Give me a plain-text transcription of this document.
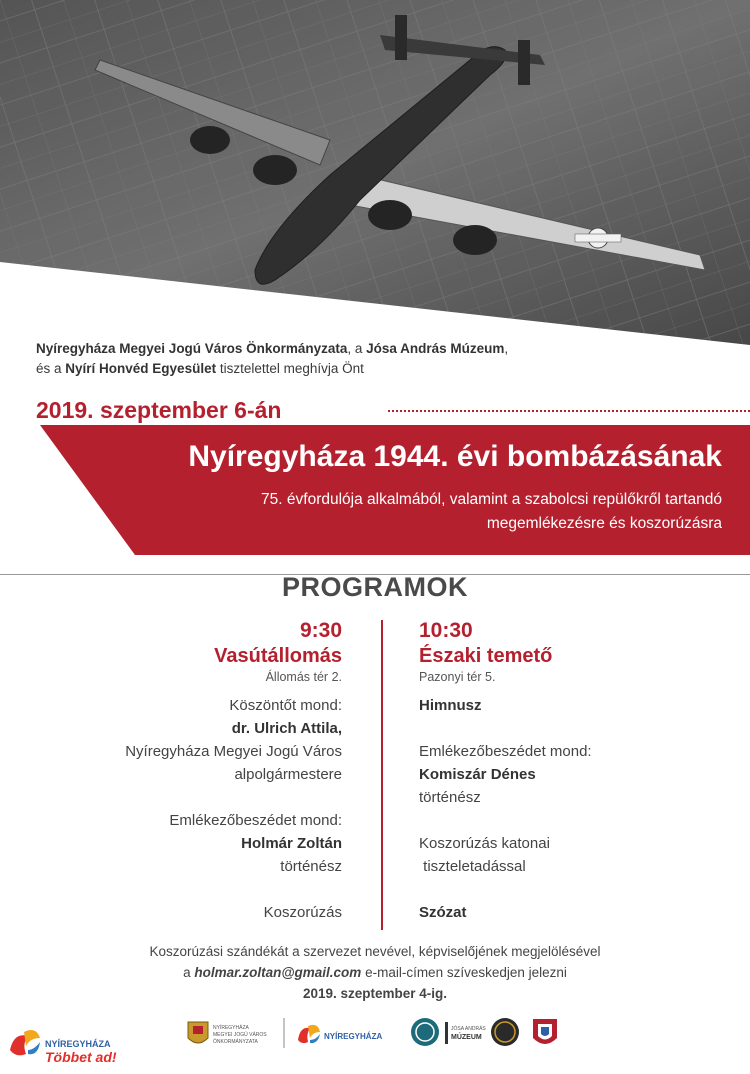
Nyíregyháza Megyei Jogú Város Önkormányzata, a Jósa András Múzeum,
és a Nyírí Honvéd Egyesület tisztelettel meghívja Önt
2019. szeptember 6-án
Nyíregyháza 1944. évi bombázásának
75. évfordulója alkalmából, valamint a szabolcsi repülőkről tartandó
megemlékezésre és koszorúzásra
PROGRAMOK
9:30
Vasútállomás
Állomás tér 2.
Köszöntőt mond:
dr. Ulrich Attila,
Nyíregyháza Megyei Jogú Város
alpolgármestere
Emlékezőbeszédet mond:
Holmár Zoltán
történész
Koszorúzás
10:30
Északi temető
Pazonyi tér 5.
Himnusz
Emlékezőbeszédet mond:
Komiszár Dénes
történész
Koszorúzás katonai
tiszteletadással
Szózat
Koszorúzási szándékát a szervezet nevével, képviselőjének megjelölésével
a holmar.zoltan@gmail.com e-mail-címen szíveskedjen jelezni
2019. szeptember 4-ig.
NYÍREGYHÁZA
Többet ad!
NYÍREGYHÁZA
MEGYEI JOGÚ VÁROS
ÖNKORMÁNYZATA
NYÍREGYHÁZA
JÓSA ANDRÁS
MÚZEUM
